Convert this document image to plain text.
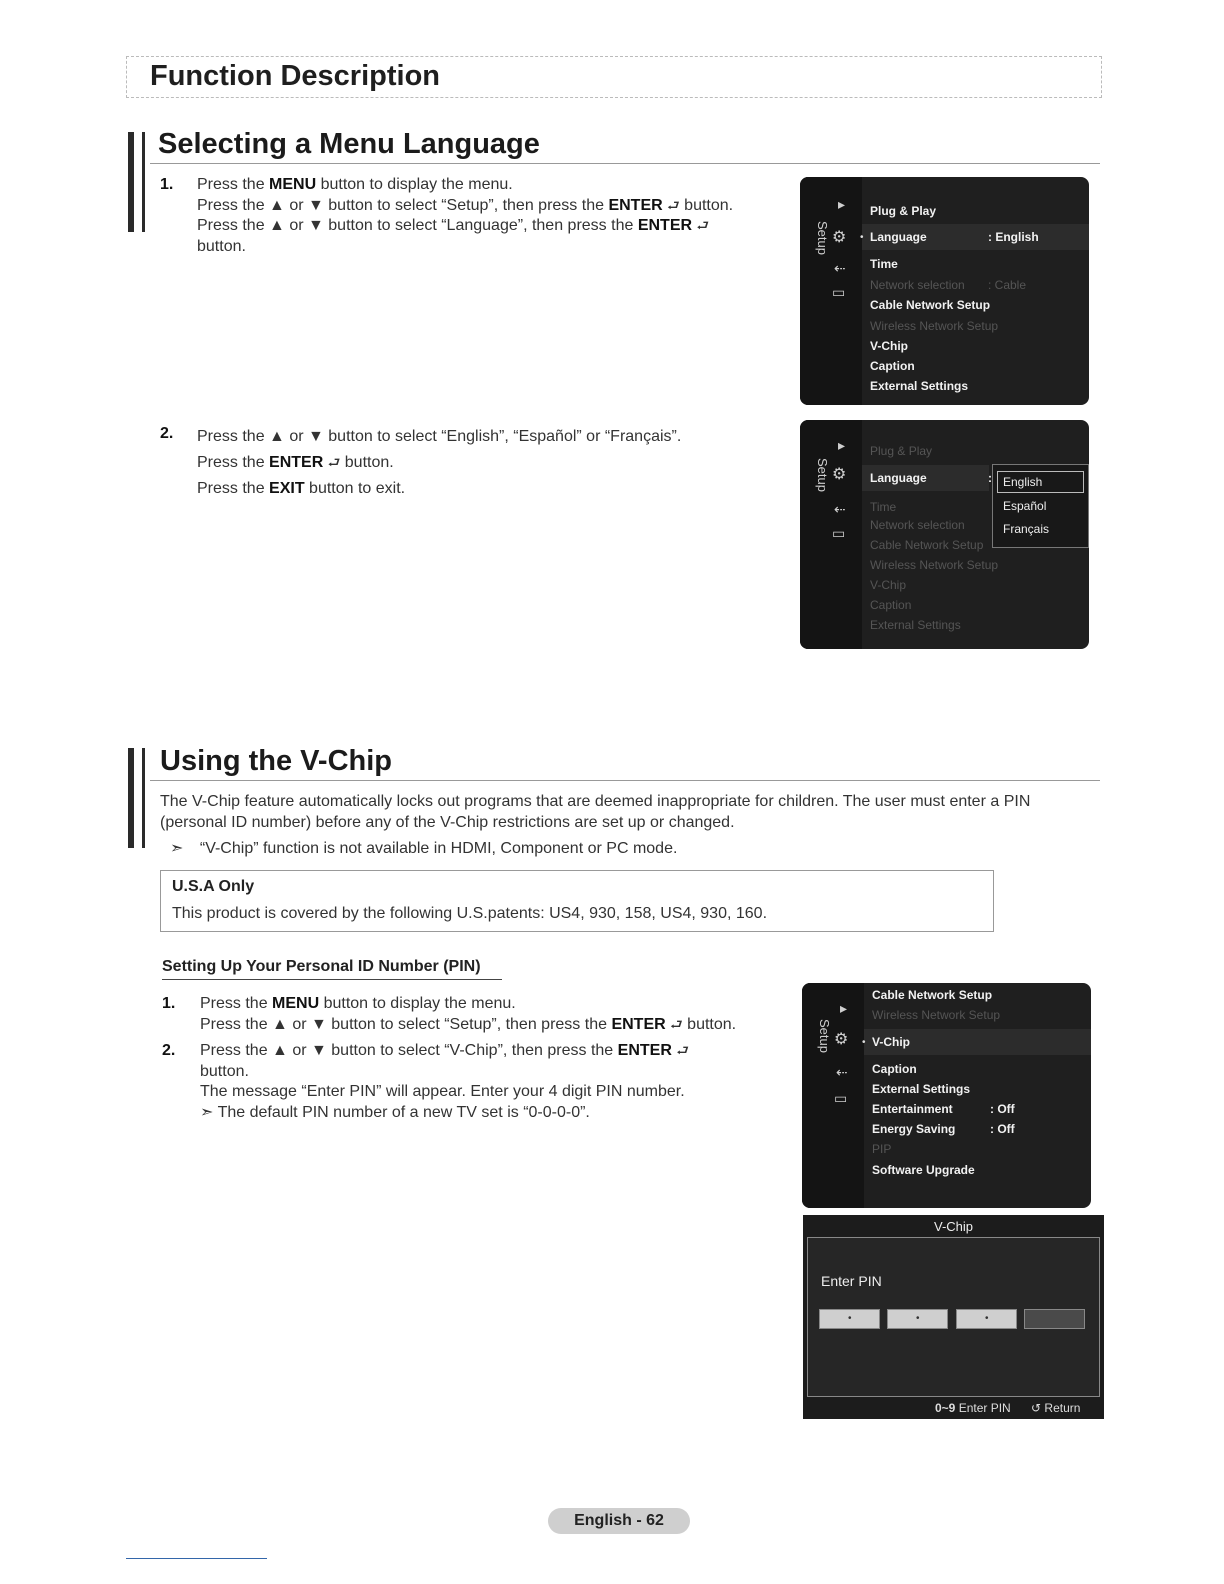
Function Description
Selecting a Menu Language
1. Press the MENU button to display the menu.
Press the ▲ or ▼ button to select “Setup”, then press the ENTER ⮐ button.
Press the ▲ or ▼ button to select “Language”, then press the ENTER ⮐
button.
2. Press the ▲ or ▼ button to select “English”, “Español” or “Français”.
Press the ENTER ⮐ button.
Press the EXIT button to exit.
Setup
▸
⚙
⇠
▭
Plug & Play
• Language	: English
Time
Network selection : Cable
Cable Network Setup
Wireless Network Setup
V-Chip
Caption
External Settings
Setup
▸
⚙
⇠
▭
Plug & Play
Language	:
Time
Network selection
Cable Network Setup
Wireless Network Setup
V-Chip
Caption
External Settings
English
Español
Français
Using the V-Chip
The V-Chip feature automatically locks out programs that are deemed inappropriate for children. The user must enter a PIN
(personal ID number) before any of the V-Chip restrictions are set up or changed.
➣ “V-Chip” function is not available in HDMI, Component or PC mode.
U.S.A Only
This product is covered by the following U.S.patents: US4, 930, 158, US4, 930, 160.
Setting Up Your Personal ID Number (PIN)
1. Press the MENU button to display the menu.
Press the ▲ or ▼ button to select “Setup”, then press the ENTER ⮐ button.
2. Press the ▲ or ▼ button to select “V-Chip”, then press the ENTER ⮐
button.
The message “Enter PIN” will appear. Enter your 4 digit PIN number.
➣ The default PIN number of a new TV set is “0-0-0-0”.
Setup
▸
⚙
⇠
▭
Cable Network Setup
Wireless Network Setup
• V-Chip
Caption
External Settings
Entertainment	: Off
Energy Saving	: Off
PIP
Software Upgrade
V-Chip
Enter PIN
•	•	•
0~9 Enter PIN ↺ Return
English - 62
